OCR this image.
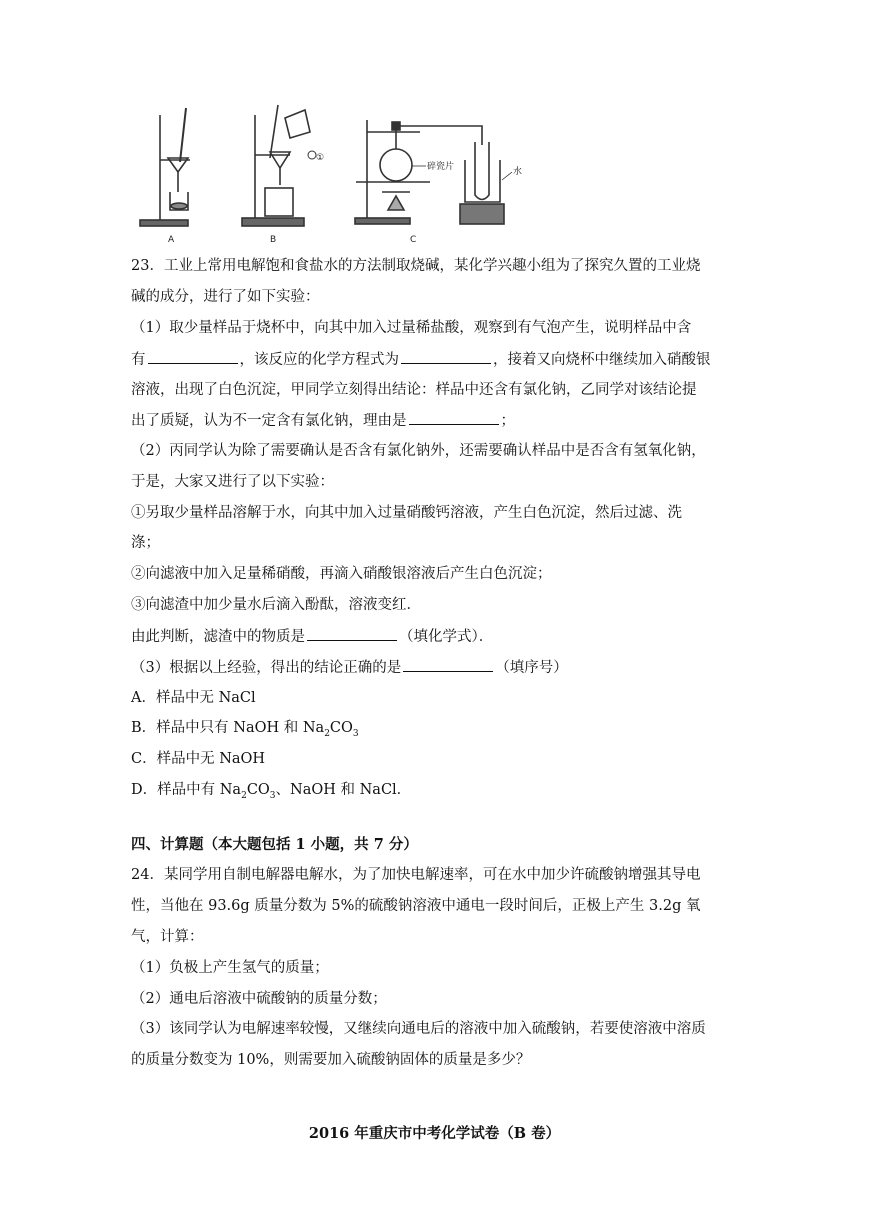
A	B	C
①
碎瓷片	水
23．工业上常用电解饱和食盐水的方法制取烧碱，某化学兴趣小组为了探究久置的工业烧
碱的成分，进行了如下实验：
（1）取少量样品于烧杯中，向其中加入过量稀盐酸，观察到有气泡产生，说明样品中含
有	，该反应的化学方程式为	，接着又向烧杯中继续加入硝酸银
溶液，出现了白色沉淀，甲同学立刻得出结论：样品中还含有氯化钠，乙同学对该结论提
出了质疑，认为不一定含有氯化钠，理由是	；
（2）丙同学认为除了需要确认是否含有氯化钠外，还需要确认样品中是否含有氢氧化钠，
于是，大家又进行了以下实验：
①另取少量样品溶解于水，向其中加入过量硝酸钙溶液，产生白色沉淀，然后过滤、洗
涤；
②向滤液中加入足量稀硝酸，再滴入硝酸银溶液后产生白色沉淀；
③向滤渣中加少量水后滴入酚酞，溶液变红．
由此判断，滤渣中的物质是	（填化学式）．
（3）根据以上经验，得出的结论正确的是	（填序号）
A．样品中无 NaCl
B．样品中只有 NaOH 和 $Na_2CO_3$
C．样品中无 NaOH
D．样品中有 $Na_2CO_3$、NaOH 和 NaCl．
四、计算题（本大题包括 1 小题，共 7 分）
24．某同学用自制电解器电解水，为了加快电解速率，可在水中加少许硫酸钠增强其导电
性，当他在 93.6g 质量分数为 5%的硫酸钠溶液中通电一段时间后，正极上产生 3.2g 氧
气，计算：
（1）负极上产生氢气的质量；
（2）通电后溶液中硫酸钠的质量分数；
（3）该同学认为电解速率较慢，又继续向通电后的溶液中加入硫酸钠，若要使溶液中溶质
的质量分数变为 10%，则需要加入硫酸钠固体的质量是多少？
2016 年重庆市中考化学试卷（B 卷）
